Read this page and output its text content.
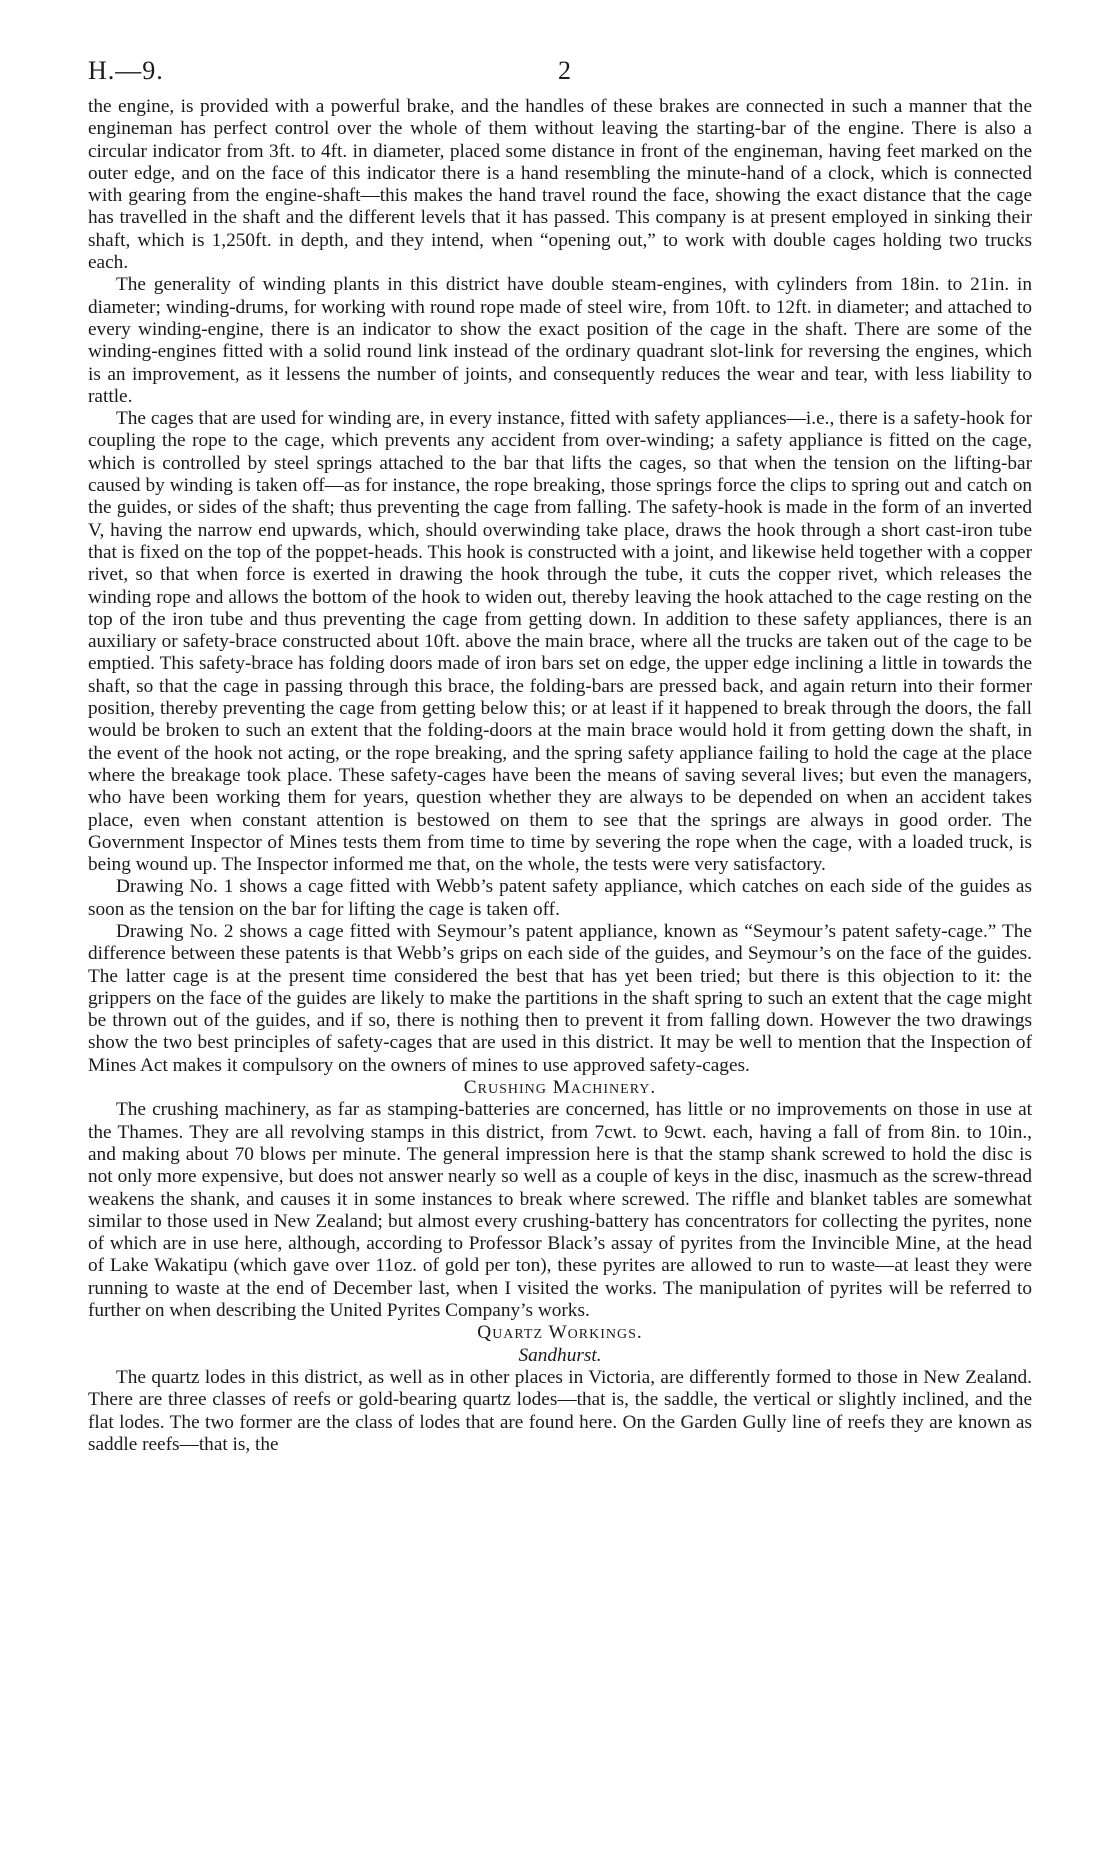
H.—9.	2

the engine, is provided with a powerful brake, and the handles of these brakes are connected in such a manner that the engineman has perfect control over the whole of them without leaving the starting-bar of the engine. There is also a circular indicator from 3ft. to 4ft. in diameter, placed some distance in front of the engineman, having feet marked on the outer edge, and on the face of this indicator there is a hand resembling the minute-hand of a clock, which is connected with gearing from the engine-shaft—this makes the hand travel round the face, showing the exact distance that the cage has travelled in the shaft and the different levels that it has passed. This company is at present employed in sinking their shaft, which is 1,250ft. in depth, and they intend, when “opening out,” to work with double cages holding two trucks each.

The generality of winding plants in this district have double steam-engines, with cylinders from 18in. to 21in. in diameter; winding-drums, for working with round rope made of steel wire, from 10ft. to 12ft. in diameter; and attached to every winding-engine, there is an indicator to show the exact position of the cage in the shaft. There are some of the winding-engines fitted with a solid round link instead of the ordinary quadrant slot-link for reversing the engines, which is an improvement, as it lessens the number of joints, and consequently reduces the wear and tear, with less liability to rattle.

The cages that are used for winding are, in every instance, fitted with safety appliances—i.e., there is a safety-hook for coupling the rope to the cage, which prevents any accident from over-winding; a safety appliance is fitted on the cage, which is controlled by steel springs attached to the bar that lifts the cages, so that when the tension on the lifting-bar caused by winding is taken off—as for instance, the rope breaking, those springs force the clips to spring out and catch on the guides, or sides of the shaft; thus preventing the cage from falling. The safety-hook is made in the form of an inverted V, having the narrow end upwards, which, should overwinding take place, draws the hook through a short cast-iron tube that is fixed on the top of the poppet-heads. This hook is constructed with a joint, and likewise held together with a copper rivet, so that when force is exerted in drawing the hook through the tube, it cuts the copper rivet, which releases the winding rope and allows the bottom of the hook to widen out, thereby leaving the hook attached to the cage resting on the top of the iron tube and thus preventing the cage from getting down. In addition to these safety appliances, there is an auxiliary or safety-brace constructed about 10ft. above the main brace, where all the trucks are taken out of the cage to be emptied. This safety-brace has folding doors made of iron bars set on edge, the upper edge inclining a little in towards the shaft, so that the cage in passing through this brace, the folding-bars are pressed back, and again return into their former position, thereby preventing the cage from getting below this; or at least if it happened to break through the doors, the fall would be broken to such an extent that the folding-doors at the main brace would hold it from getting down the shaft, in the event of the hook not acting, or the rope breaking, and the spring safety appliance failing to hold the cage at the place where the breakage took place. These safety-cages have been the means of saving several lives; but even the managers, who have been working them for years, question whether they are always to be depended on when an accident takes place, even when constant attention is bestowed on them to see that the springs are always in good order. The Government Inspector of Mines tests them from time to time by severing the rope when the cage, with a loaded truck, is being wound up. The Inspector informed me that, on the whole, the tests were very satisfactory.

Drawing No. 1 shows a cage fitted with Webb’s patent safety appliance, which catches on each side of the guides as soon as the tension on the bar for lifting the cage is taken off.

Drawing No. 2 shows a cage fitted with Seymour’s patent appliance, known as “Seymour’s patent safety-cage.” The difference between these patents is that Webb’s grips on each side of the guides, and Seymour’s on the face of the guides. The latter cage is at the present time considered the best that has yet been tried; but there is this objection to it: the grippers on the face of the guides are likely to make the partitions in the shaft spring to such an extent that the cage might be thrown out of the guides, and if so, there is nothing then to prevent it from falling down. However the two drawings show the two best principles of safety-cages that are used in this district. It may be well to mention that the Inspection of Mines Act makes it compulsory on the owners of mines to use approved safety-cages.

Crushing Machinery.

The crushing machinery, as far as stamping-batteries are concerned, has little or no improvements on those in use at the Thames. They are all revolving stamps in this district, from 7cwt. to 9cwt. each, having a fall of from 8in. to 10in., and making about 70 blows per minute. The general impression here is that the stamp shank screwed to hold the disc is not only more expensive, but does not answer nearly so well as a couple of keys in the disc, inasmuch as the screw-thread weakens the shank, and causes it in some instances to break where screwed. The riffle and blanket tables are somewhat similar to those used in New Zealand; but almost every crushing-battery has concentrators for collecting the pyrites, none of which are in use here, although, according to Professor Black’s assay of pyrites from the Invincible Mine, at the head of Lake Wakatipu (which gave over 11oz. of gold per ton), these pyrites are allowed to run to waste—at least they were running to waste at the end of December last, when I visited the works. The manipulation of pyrites will be referred to further on when describing the United Pyrites Company’s works.

Quartz Workings.

Sandhurst.

The quartz lodes in this district, as well as in other places in Victoria, are differently formed to those in New Zealand. There are three classes of reefs or gold-bearing quartz lodes—that is, the saddle, the vertical or slightly inclined, and the flat lodes. The two former are the class of lodes that are found here. On the Garden Gully line of reefs they are known as saddle reefs—that is, the
